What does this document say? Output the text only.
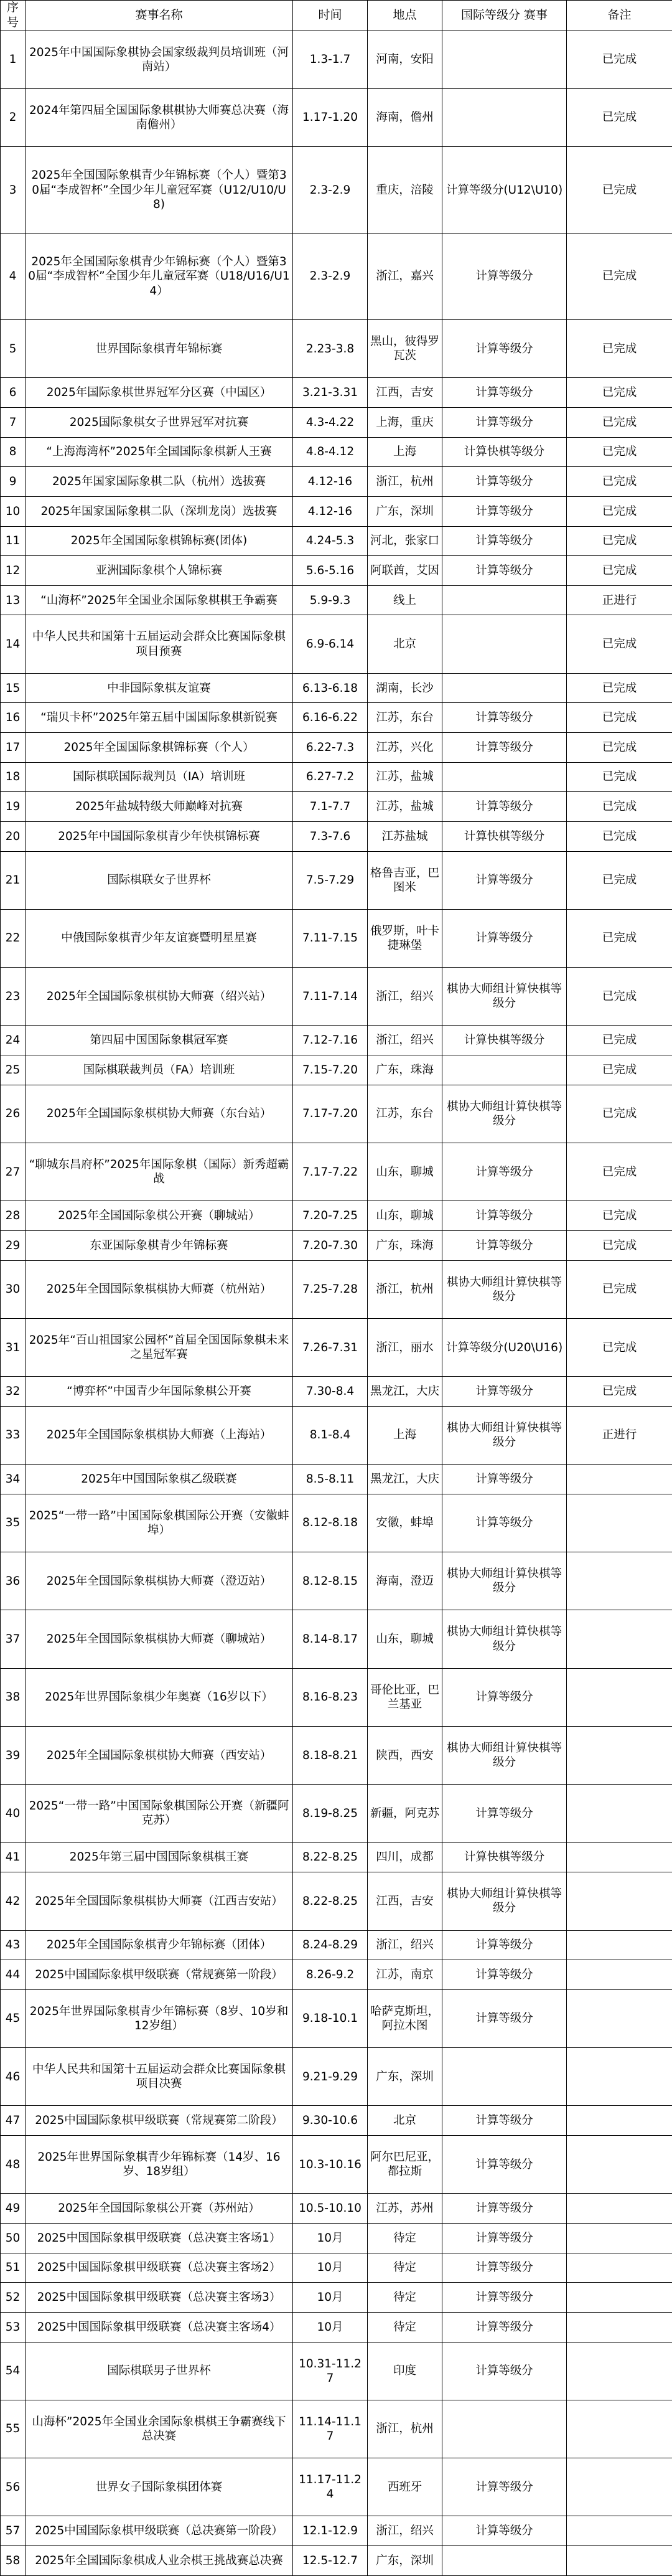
序号	赛事名称	时间	地点	国际等级分 赛事	备注
1	2025年中国国际象棋协会国家级裁判员培训班（河南站）	1.3-1.7	河南，安阳		已完成
2	2024年第四届全国国际象棋棋协大师赛总决赛（海南儋州）	1.17-1.20	海南，儋州		已完成
3	2025年全国国际象棋青少年锦标赛（个人）暨第30届“李成智杯”全国少年儿童冠军赛（U12/U10/U8)	2.3-2.9	重庆，涪陵	计算等级分(U12\U10)	已完成
4	2025年全国国际象棋青少年锦标赛（个人）暨第30届“李成智杯”全国少年儿童冠军赛（U18/U16/U14）	2.3-2.9	浙江，嘉兴	计算等级分	已完成
5	世界国际象棋青年锦标赛	2.23-3.8	黑山，彼得罗瓦茨	计算等级分	已完成
6	2025年国际象棋世界冠军分区赛（中国区）	3.21-3.31	江西，吉安	计算等级分	已完成
7	2025国际象棋女子世界冠军对抗赛	4.3-4.22	上海，重庆	计算等级分	已完成
8	“上海海湾杯”2025年全国国际象棋新人王赛	4.8-4.12	上海	计算快棋等级分	已完成
9	2025年国家国际象棋二队（杭州）选拔赛	4.12-16	浙江，杭州	计算等级分	已完成
10	2025年国家国际象棋二队（深圳龙岗）选拔赛	4.12-16	广东，深圳	计算等级分	已完成
11	2025年全国国际象棋锦标赛(团体)	4.24-5.3	河北，张家口	计算等级分	已完成
12	亚洲国际象棋个人锦标赛	5.6-5.16	阿联酋，艾因	计算等级分	已完成
13	“山海杯”2025年全国业余国际象棋棋王争霸赛	5.9-9.3	线上		正进行
14	中华人民共和国第十五届运动会群众比赛国际象棋项目预赛	6.9-6.14	北京		已完成
15	中非国际象棋友谊赛	6.13-6.18	湖南，长沙		已完成
16	“瑞贝卡杯”2025年第五届中国国际象棋新锐赛	6.16-6.22	江苏，东台	计算等级分	已完成
17	2025年全国国际象棋锦标赛（个人）	6.22-7.3	江苏，兴化	计算等级分	已完成
18	国际棋联国际裁判员（IA）培训班	6.27-7.2	江苏，盐城		已完成
19	2025年盐城特级大师巅峰对抗赛	7.1-7.7	江苏，盐城	计算等级分	已完成
20	2025年中国国际象棋青少年快棋锦标赛	7.3-7.6	江苏盐城	计算快棋等级分	已完成
21	国际棋联女子世界杯	7.5-7.29	格鲁吉亚，巴图米	计算等级分	已完成
22	中俄国际象棋青少年友谊赛暨明星星赛	7.11-7.15	俄罗斯，叶卡捷琳堡	计算等级分	已完成
23	2025年全国国际象棋棋协大师赛（绍兴站）	7.11-7.14	浙江，绍兴	棋协大师组计算快棋等级分	已完成
24	第四届中国国际象棋冠军赛	7.12-7.16	浙江，绍兴	计算快棋等级分	已完成
25	国际棋联裁判员（FA）培训班	7.15-7.20	广东，珠海		已完成
26	2025年全国国际象棋棋协大师赛（东台站）	7.17-7.20	江苏，东台	棋协大师组计算快棋等级分	已完成
27	“聊城东昌府杯”2025年国际象棋（国际）新秀超霸战	7.17-7.22	山东，聊城	计算等级分	已完成
28	2025年全国国际象棋公开赛（聊城站）	7.20-7.25	山东，聊城	计算等级分	已完成
29	东亚国际象棋青少年锦标赛	7.20-7.30	广东，珠海	计算等级分	已完成
30	2025年全国国际象棋棋协大师赛（杭州站）	7.25-7.28	浙江，杭州	棋协大师组计算快棋等级分	已完成
31	2025年“百山祖国家公园杯”首届全国国际象棋未来之星冠军赛	7.26-7.31	浙江，丽水	计算等级分(U20\U16)	已完成
32	“博弈杯”中国青少年国际象棋公开赛	7.30-8.4	黑龙江，大庆	计算等级分	已完成
33	2025年全国国际象棋棋协大师赛（上海站）	8.1-8.4	上海	棋协大师组计算快棋等级分	正进行
34	2025年中国国际象棋乙级联赛	8.5-8.11	黑龙江，大庆	计算等级分	
35	2025“一带一路”中国国际象棋国际公开赛（安徽蚌埠）	8.12-8.18	安徽，蚌埠	计算等级分	
36	2025年全国国际象棋棋协大师赛（澄迈站）	8.12-8.15	海南，澄迈	棋协大师组计算快棋等级分	
37	2025年全国国际象棋棋协大师赛（聊城站）	8.14-8.17	山东，聊城	棋协大师组计算快棋等级分	
38	2025年世界国际象棋少年奥赛（16岁以下）	8.16-8.23	哥伦比亚，巴兰基亚	计算等级分	
39	2025年全国国际象棋棋协大师赛（西安站）	8.18-8.21	陕西，西安	棋协大师组计算快棋等级分	
40	2025“一带一路”中国国际象棋国际公开赛（新疆阿克苏）	8.19-8.25	新疆，阿克苏	计算等级分	
41	2025年第三届中国国际象棋棋王赛	8.22-8.25	四川，成都	计算快棋等级分	
42	2025年全国国际象棋棋协大师赛（江西吉安站）	8.22-8.25	江西，吉安	棋协大师组计算快棋等级分	
43	2025年全国国际象棋青少年锦标赛（团体）	8.24-8.29	浙江，绍兴	计算等级分	
44	2025中国国际象棋甲级联赛（常规赛第一阶段）	8.26-9.2	江苏，南京	计算等级分	
45	2025年世界国际象棋青少年锦标赛（8岁、10岁和12岁组）	9.18-10.1	哈萨克斯坦，阿拉木图	计算等级分	
46	中华人民共和国第十五届运动会群众比赛国际象棋项目决赛	9.21-9.29	广东，深圳		
47	2025中国国际象棋甲级联赛（常规赛第二阶段）	9.30-10.6	北京	计算等级分	
48	2025年世界国际象棋青少年锦标赛（14岁、16岁、18岁组）	10.3-10.16	阿尔巴尼亚，都拉斯	计算等级分	
49	2025年全国国际象棋公开赛（苏州站）	10.5-10.10	江苏，苏州	计算等级分	
50	2025中国国际象棋甲级联赛（总决赛主客场1）	10月	待定	计算等级分	
51	2025中国国际象棋甲级联赛（总决赛主客场2）	10月	待定	计算等级分	
52	2025中国国际象棋甲级联赛（总决赛主客场3）	10月	待定	计算等级分	
53	2025中国国际象棋甲级联赛（总决赛主客场4）	10月	待定	计算等级分	
54	国际棋联男子世界杯	10.31-11.27	印度	计算等级分	
55	山海杯”2025年全国业余国际象棋棋王争霸赛线下总决赛	11.14-11.17	浙江，杭州		
56	世界女子国际象棋团体赛	11.17-11.24	西班牙	计算等级分	
57	2025中国国际象棋甲级联赛（总决赛第一阶段）	12.1-12.9	浙江，绍兴	计算等级分	
58	2025年全国国际象棋成人业余棋王挑战赛总决赛	12.5-12.7	广东，深圳		
